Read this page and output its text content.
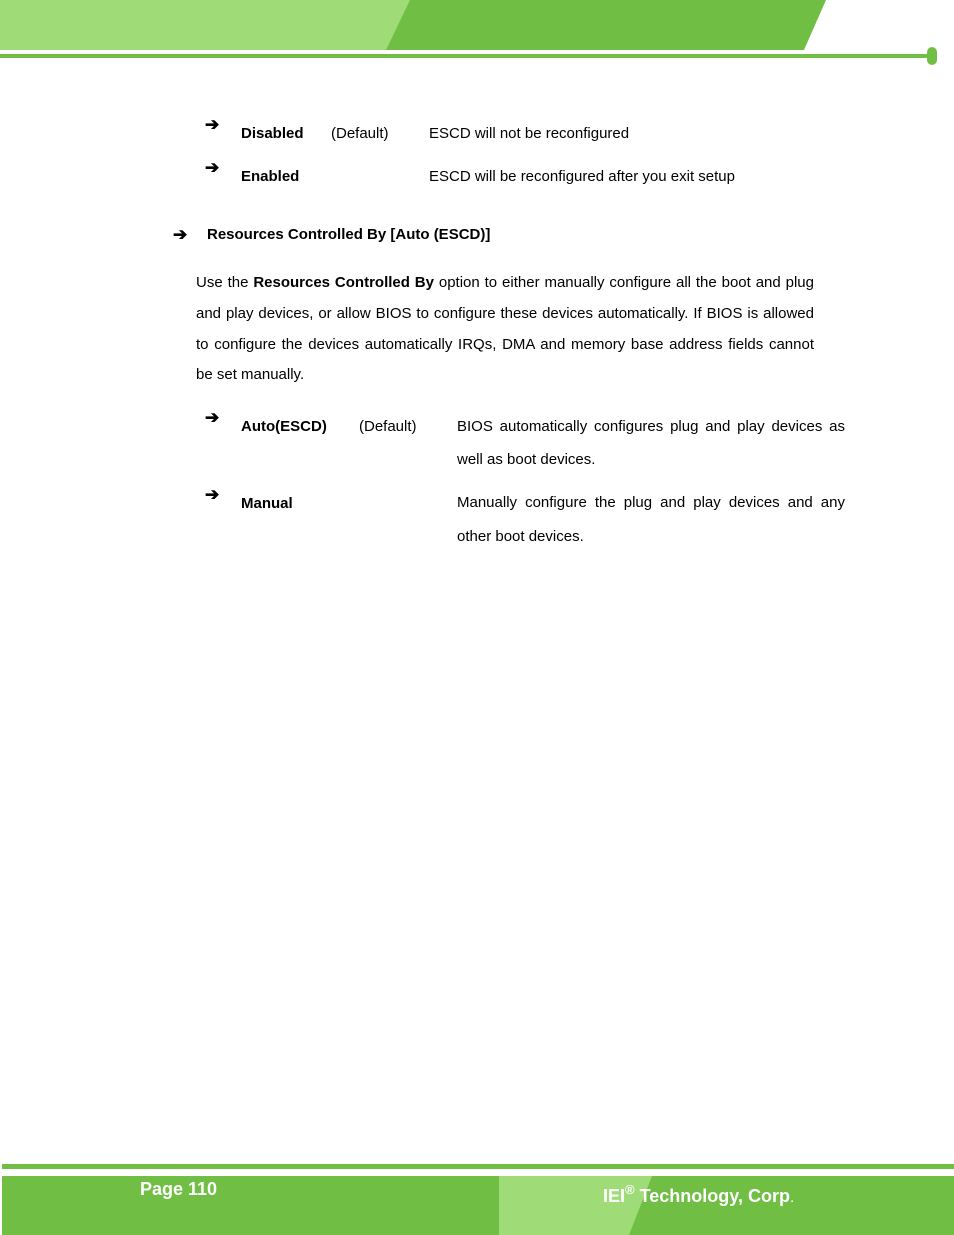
➔ Disabled (Default)	ESCD will not be reconfigured
➔ Enabled	ESCD will be reconfigured after you exit setup
➔ Resources Controlled By [Auto (ESCD)]

Use the Resources Controlled By option to either manually configure all the boot and plug and play devices, or allow BIOS to configure these devices automatically. If BIOS is allowed to configure the devices automatically IRQs, DMA and memory base address fields cannot be set manually.

➔ Auto(ESCD) (Default)	BIOS automatically configures plug and play devices as
well as boot devices.
➔ Manual	Manually configure the plug and play devices and any
other boot devices.
Page 110	IEI® Technology, Corp.
